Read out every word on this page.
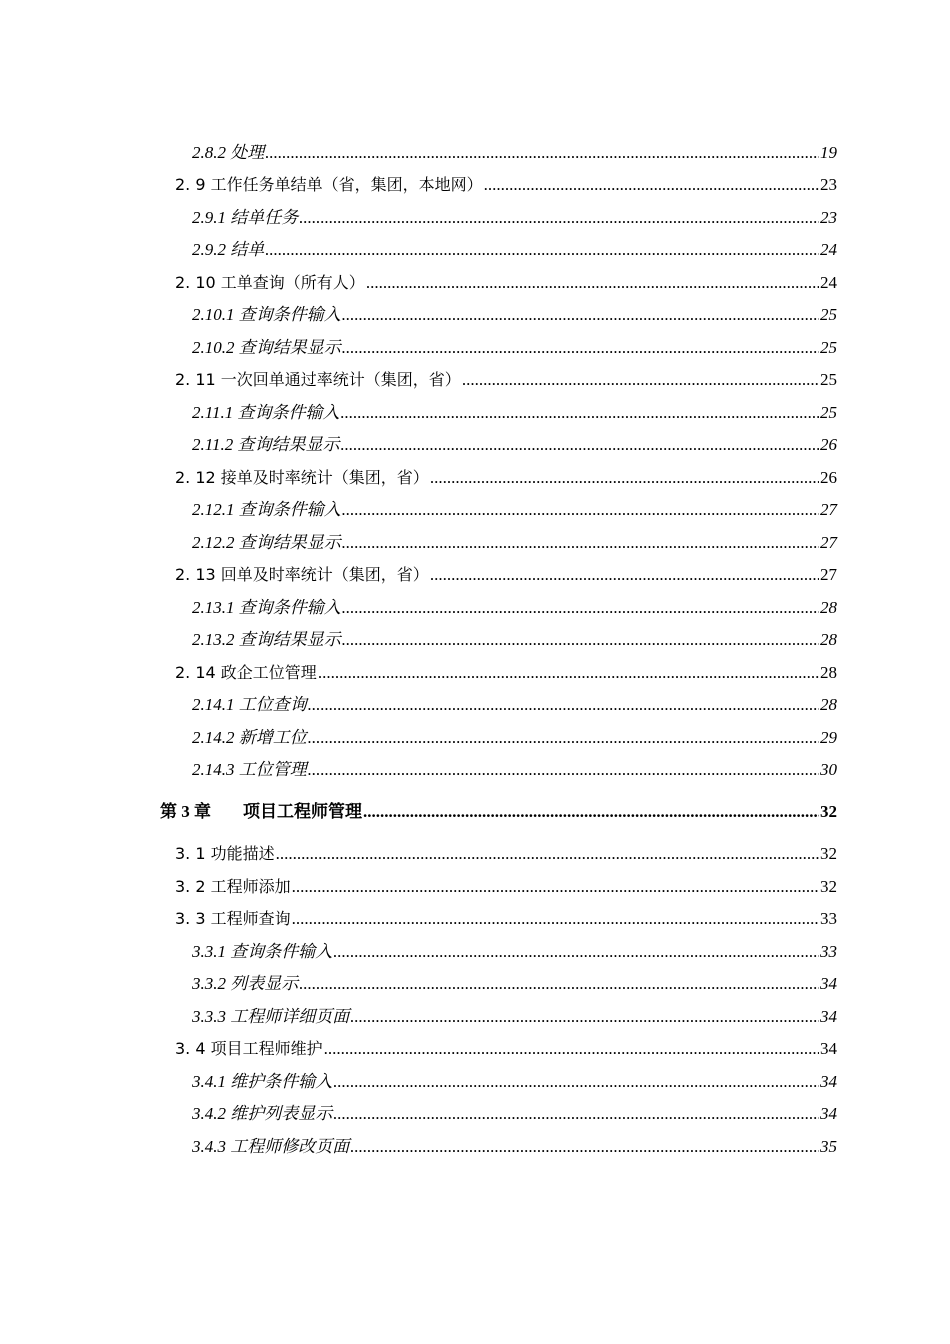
2.8.2 处理 .....	19
2. 9 工作任务单结单（省，集团，本地网） .....	23
2.9.1 结单任务 .....	23
2.9.2 结单 .....	24
2. 10 工单查询（所有人） .....	24
2.10.1 查询条件输入 .....	25
2.10.2 查询结果显示 .....	25
2. 11 一次回单通过率统计（集团，省） .....	25
2.11.1 查询条件输入 .....	25
2.11.2 查询结果显示 .....	26
2. 12 接单及时率统计（集团，省） .....	26
2.12.1 查询条件输入 .....	27
2.12.2 查询结果显示 .....	27
2. 13 回单及时率统计（集团，省） .....	27
2.13.1 查询条件输入 .....	28
2.13.2 查询结果显示 .....	28
2. 14 政企工位管理 .....	28
2.14.1 工位查询 .....	28
2.14.2 新增工位 .....	29
2.14.3 工位管理 .....	30
第 3 章 项目工程师管理 .....	32
3. 1 功能描述 .....	32
3. 2 工程师添加 .....	32
3. 3 工程师查询 .....	33
3.3.1 查询条件输入 .....	33
3.3.2 列表显示 .....	34
3.3.3 工程师详细页面 .....	34
3. 4 项目工程师维护 .....	34
3.4.1 维护条件输入 .....	34
3.4.2 维护列表显示 .....	34
3.4.3 工程师修改页面 .....	35
